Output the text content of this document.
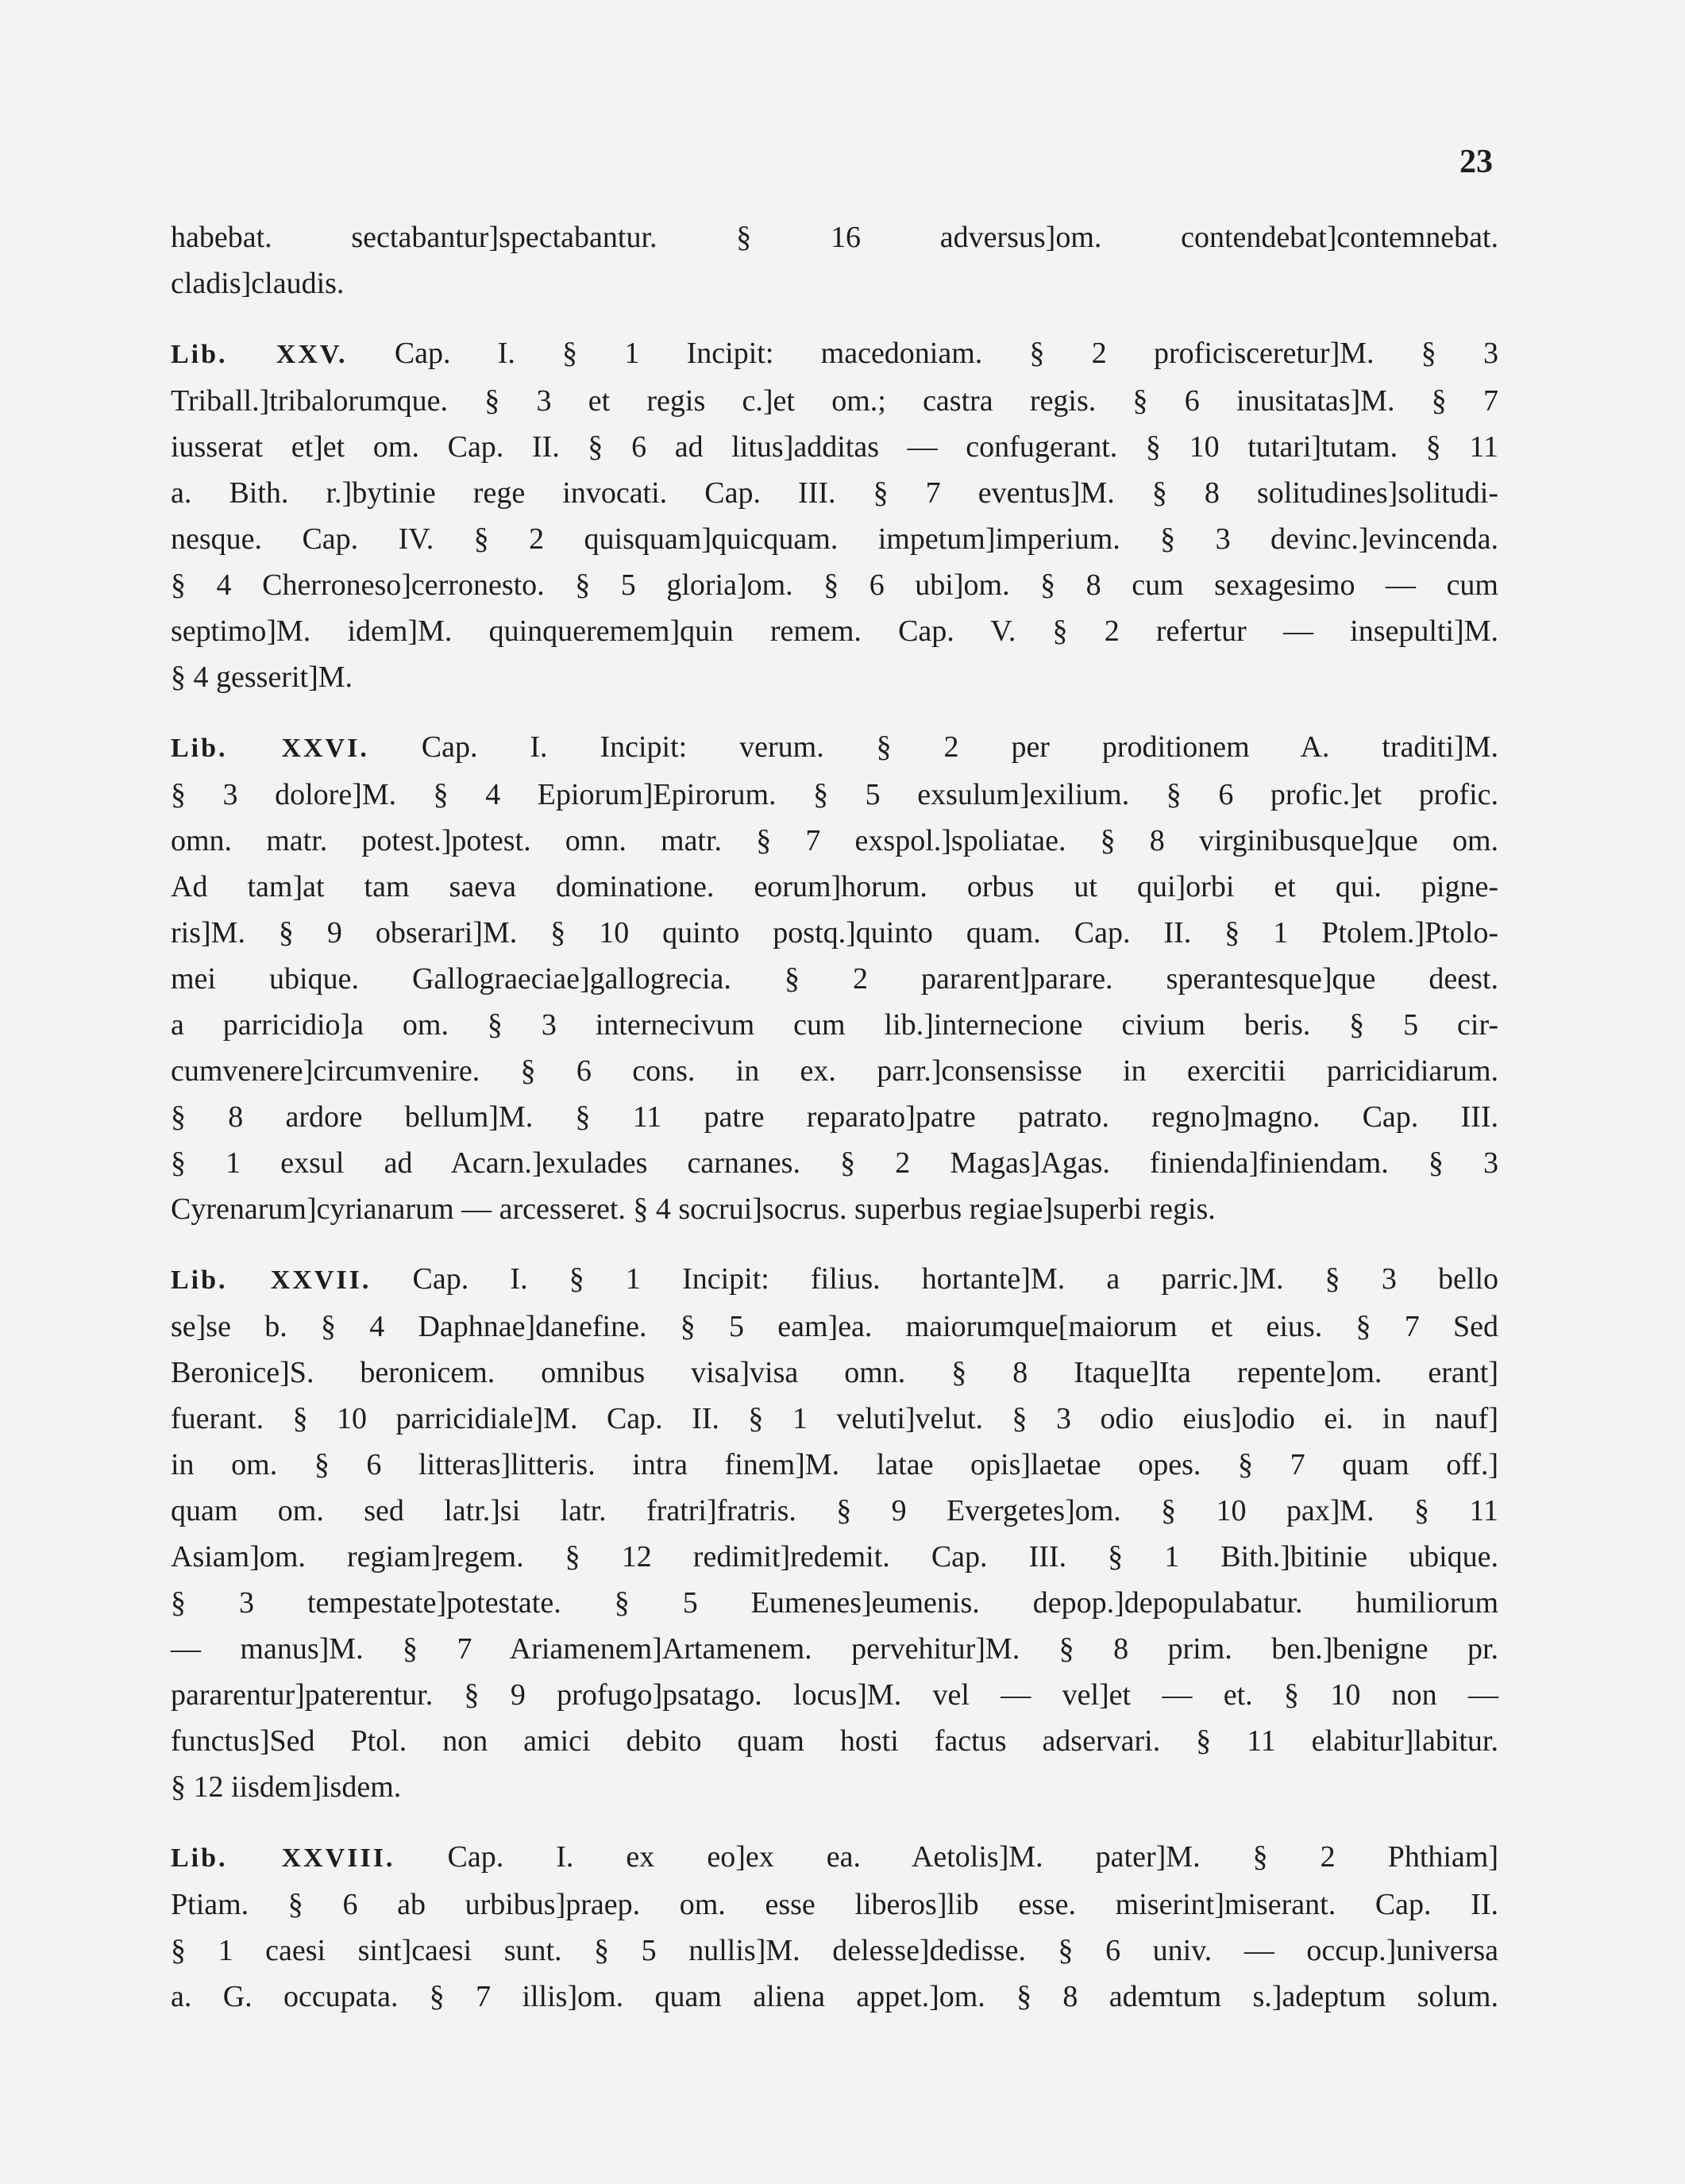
23
habebat. sectabantur]spectabantur. § 16 adversus]om. contendebat]contemnebat.
cladis]claudis.
Lib. XXV. Cap. I. § 1 Incipit: macedoniam. § 2 proficisceretur]M. § 3
Triball.]tribalorumque. § 3 et regis c.]et om.; castra regis. § 6 inusitatas]M. § 7
iusserat et]et om. Cap. II. § 6 ad litus]additas — confugerant. § 10 tutari]tutam. § 11
a. Bith. r.]bytinie rege invocati. Cap. III. § 7 eventus]M. § 8 solitudines]solitudi-
nesque. Cap. IV. § 2 quisquam]quicquam. impetum]imperium. § 3 devinc.]evincenda.
§ 4 Cherroneso]cerronesto. § 5 gloria]om. § 6 ubi]om. § 8 cum sexagesimo — cum
septimo]M. idem]M. quinqueremem]quin remem. Cap. V. § 2 refertur — insepulti]M.
§ 4 gesserit]M.
Lib. XXVI. Cap. I. Incipit: verum. § 2 per proditionem A. traditi]M.
§ 3 dolore]M. § 4 Epiorum]Epirorum. § 5 exsulum]exilium. § 6 profic.]et profic.
omn. matr. potest.]potest. omn. matr. § 7 exspol.]spoliatae. § 8 virginibusque]que om.
Ad tam]at tam saeva dominatione. eorum]horum. orbus ut qui]orbi et qui. pigne-
ris]M. § 9 obserari]M. § 10 quinto postq.]quinto quam. Cap. II. § 1 Ptolem.]Ptolo-
mei ubique. Gallograeciae]gallogrecia. § 2 pararent]parare. sperantesque]que deest.
a parricidio]a om. § 3 internecivum cum lib.]internecione civium beris. § 5 cir-
cumvenere]circumvenire. § 6 cons. in ex. parr.]consensisse in exercitii parricidiarum.
§ 8 ardore bellum]M. § 11 patre reparato]patre patrato. regno]magno. Cap. III.
§ 1 exsul ad Acarn.]exulades carnanes. § 2 Magas]Agas. finienda]finiendam. § 3
Cyrenarum]cyrianarum — arcesseret. § 4 socrui]socrus. superbus regiae]superbi regis.
Lib. XXVII. Cap. I. § 1 Incipit: filius. hortante]M. a parric.]M. § 3 bello
se]se b. § 4 Daphnae]danefine. § 5 eam]ea. maiorumque[maiorum et eius. § 7 Sed
Beronice]S. beronicem. omnibus visa]visa omn. § 8 Itaque]Ita repente]om. erant]
fuerant. § 10 parricidiale]M. Cap. II. § 1 veluti]velut. § 3 odio eius]odio ei. in nauf]
in om. § 6 litteras]litteris. intra finem]M. latae opis]laetae opes. § 7 quam off.]
quam om. sed latr.]si latr. fratri]fratris. § 9 Evergetes]om. § 10 pax]M. § 11
Asiam]om. regiam]regem. § 12 redimit]redemit. Cap. III. § 1 Bith.]bitinie ubique.
§ 3 tempestate]potestate. § 5 Eumenes]eumenis. depop.]depopulabatur. humiliorum
— manus]M. § 7 Ariamenem]Artamenem. pervehitur]M. § 8 prim. ben.]benigne pr.
pararentur]paterentur. § 9 profugo]psatago. locus]M. vel — vel]et — et. § 10 non —
functus]Sed Ptol. non amici debito quam hosti factus adservari. § 11 elabitur]labitur.
§ 12 iisdem]isdem.
Lib. XXVIII. Cap. I. ex eo]ex ea. Aetolis]M. pater]M. § 2 Phthiam]
Ptiam. § 6 ab urbibus]praep. om. esse liberos]lib esse. miserint]miserant. Cap. II.
§ 1 caesi sint]caesi sunt. § 5 nullis]M. delesse]dedisse. § 6 univ. — occup.]universa
a. G. occupata. § 7 illis]om. quam aliena appet.]om. § 8 ademtum s.]adeptum solum.
